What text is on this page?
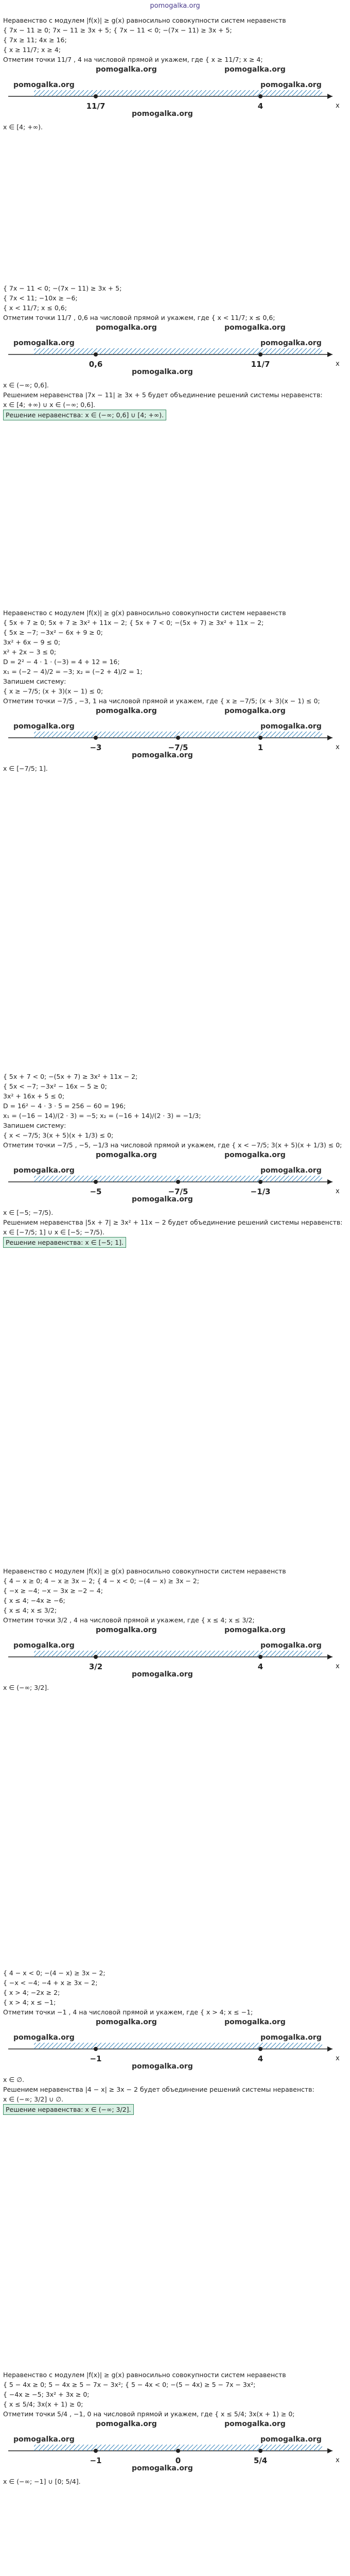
pomogalka.org
Неравенство с модулем |f(x)| ≥ g(x) равносильно совокупности систем неравенств
{ 7x − 11 ≥ 0; 7x − 11 ≥ 3x + 5; { 7x − 11 < 0; −(7x − 11) ≥ 3x + 5;
{ 7x ≥ 11; 4x ≥ 16;
{ x ≥ 11/7; x ≥ 4;
Отметим точки 11/7 , 4 на числовой прямой и укажем, где { x ≥ 11/7; x ≥ 4;
pomogalka.org	pomogalka.org
11/7	4	x
pomogalka.org
pomogalka.org
pomogalka.org
x ∈ [4; +∞).
{ 7x − 11 < 0; −(7x − 11) ≥ 3x + 5;
{ 7x < 11; −10x ≥ −6;
{ x < 11/7; x ≤ 0,6;
Отметим точки 11/7 , 0,6 на числовой прямой и укажем, где { x < 11/7; x ≤ 0,6;
pomogalka.org	pomogalka.org
0,6	11/7	x
pomogalka.org
pomogalka.org
pomogalka.org
x ∈ (−∞; 0,6].
Решением неравенства |7x − 11| ≥ 3x + 5 будет объединение решений системы неравенств:
x ∈ [4; +∞) ∪ x ∈ (−∞; 0,6].
Решение неравенства: x ∈ (−∞; 0,6] ∪ [4; +∞).
Неравенство с модулем |f(x)| ≥ g(x) равносильно совокупности систем неравенств
{ 5x + 7 ≥ 0; 5x + 7 ≥ 3x² + 11x − 2; { 5x + 7 < 0; −(5x + 7) ≥ 3x² + 11x − 2;
{ 5x ≥ −7; −3x² − 6x + 9 ≥ 0;
3x² + 6x − 9 ≤ 0;
x² + 2x − 3 ≤ 0;
D = 2² − 4 · 1 · (−3) = 4 + 12 = 16;
x₁ = (−2 − 4)/2 = −3; x₂ = (−2 + 4)/2 = 1;
Запишем систему:
{ x ≥ −7/5; (x + 3)(x − 1) ≤ 0;
Отметим точки −7/5 , −3, 1 на числовой прямой и укажем, где { x ≥ −7/5; (x + 3)(x − 1) ≤ 0;
pomogalka.org	pomogalka.org
−3	−7/5	1	x
pomogalka.org
pomogalka.org
pomogalka.org
x ∈ [−7/5; 1].
{ 5x + 7 < 0; −(5x + 7) ≥ 3x² + 11x − 2;
{ 5x < −7; −3x² − 16x − 5 ≥ 0;
3x² + 16x + 5 ≤ 0;
D = 16² − 4 · 3 · 5 = 256 − 60 = 196;
x₁ = (−16 − 14)/(2 · 3) = −5; x₂ = (−16 + 14)/(2 · 3) = −1/3;
Запишем систему:
{ x < −7/5; 3(x + 5)(x + 1/3) ≤ 0;
Отметим точки −7/5 , −5, −1/3 на числовой прямой и укажем, где { x < −7/5; 3(x + 5)(x + 1/3) ≤ 0;
pomogalka.org	pomogalka.org
−5	−7/5	−1/3	x
pomogalka.org
pomogalka.org
pomogalka.org
x ∈ [−5; −7/5).
Решением неравенства |5x + 7| ≥ 3x² + 11x − 2 будет объединение решений системы неравенств:
x ∈ [−7/5; 1] ∪ x ∈ [−5; −7/5).
Решение неравенства: x ∈ [−5; 1].
Неравенство с модулем |f(x)| ≥ g(x) равносильно совокупности систем неравенств
{ 4 − x ≥ 0; 4 − x ≥ 3x − 2; { 4 − x < 0; −(4 − x) ≥ 3x − 2;
{ −x ≥ −4; −x − 3x ≥ −2 − 4;
{ x ≤ 4; −4x ≥ −6;
{ x ≤ 4; x ≤ 3/2;
Отметим точки 3/2 , 4 на числовой прямой и укажем, где { x ≤ 4; x ≤ 3/2;
pomogalka.org	pomogalka.org
3/2	4	x
pomogalka.org
pomogalka.org
pomogalka.org
x ∈ (−∞; 3/2].
{ 4 − x < 0; −(4 − x) ≥ 3x − 2;
{ −x < −4; −4 + x ≥ 3x − 2;
{ x > 4; −2x ≥ 2;
{ x > 4; x ≤ −1;
Отметим точки −1 , 4 на числовой прямой и укажем, где { x > 4; x ≤ −1;
pomogalka.org	pomogalka.org
−1	4	x
pomogalka.org
pomogalka.org
pomogalka.org
x ∈ ∅.
Решением неравенства |4 − x| ≥ 3x − 2 будет объединение решений системы неравенств:
x ∈ (−∞; 3/2] ∪ ∅.
Решение неравенства: x ∈ (−∞; 3/2].
Неравенство с модулем |f(x)| ≥ g(x) равносильно совокупности систем неравенств
{ 5 − 4x ≥ 0; 5 − 4x ≥ 5 − 7x − 3x²; { 5 − 4x < 0; −(5 − 4x) ≥ 5 − 7x − 3x²;
{ −4x ≥ −5; 3x² + 3x ≥ 0;
{ x ≤ 5/4; 3x(x + 1) ≥ 0;
Отметим точки 5/4 , −1, 0 на числовой прямой и укажем, где { x ≤ 5/4; 3x(x + 1) ≥ 0;
pomogalka.org	pomogalka.org
−1	0	5/4	x
pomogalka.org
pomogalka.org
pomogalka.org
x ∈ (−∞; −1] ∪ [0; 5/4].
